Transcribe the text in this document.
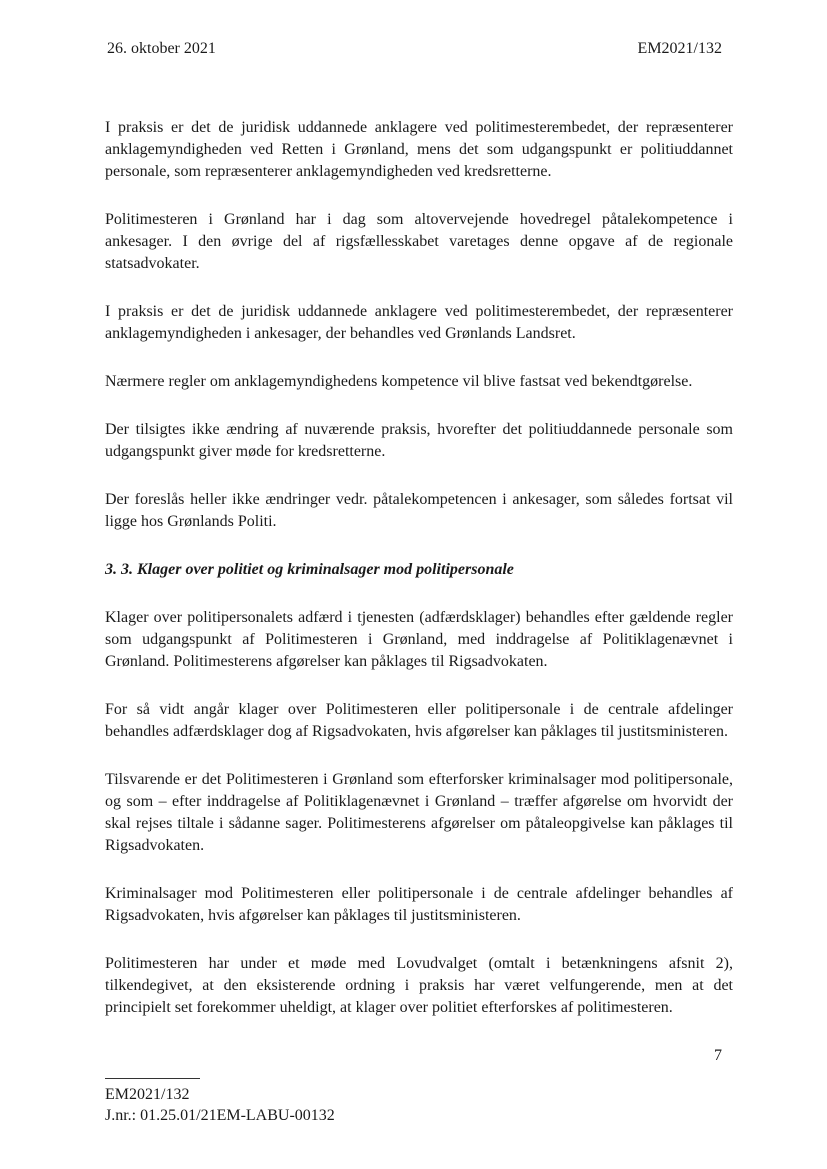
26. oktober 2021	EM2021/132

I praksis er det de juridisk uddannede anklagere ved politimesterembedet, der repræsenterer anklagemyndigheden ved Retten i Grønland, mens det som udgangspunkt er politiuddannet personale, som repræsenterer anklagemyndigheden ved kredsretterne.

Politimesteren i Grønland har i dag som altovervejende hovedregel påtalekompetence i ankesager. I den øvrige del af rigsfællesskabet varetages denne opgave af de regionale statsadvokater.

I praksis er det de juridisk uddannede anklagere ved politimesterembedet, der repræsenterer anklagemyndigheden i ankesager, der behandles ved Grønlands Landsret.

Nærmere regler om anklagemyndighedens kompetence vil blive fastsat ved bekendtgørelse.

Der tilsigtes ikke ændring af nuværende praksis, hvorefter det politiuddannede personale som udgangspunkt giver møde for kredsretterne.

Der foreslås heller ikke ændringer vedr. påtalekompetencen i ankesager, som således fortsat vil ligge hos Grønlands Politi.

3. 3. Klager over politiet og kriminalsager mod politipersonale

Klager over politipersonalets adfærd i tjenesten (adfærdsklager) behandles efter gældende regler som udgangspunkt af Politimesteren i Grønland, med inddragelse af Politiklagenævnet i Grønland. Politimesterens afgørelser kan påklages til Rigsadvokaten.

For så vidt angår klager over Politimesteren eller politipersonale i de centrale afdelinger behandles adfærdsklager dog af Rigsadvokaten, hvis afgørelser kan påklages til justitsministeren.

Tilsvarende er det Politimesteren i Grønland som efterforsker kriminalsager mod politipersonale, og som – efter inddragelse af Politiklagenævnet i Grønland – træffer afgørelse om hvorvidt der skal rejses tiltale i sådanne sager. Politimesterens afgørelser om påtaleopgivelse kan påklages til Rigsadvokaten.

Kriminalsager mod Politimesteren eller politipersonale i de centrale afdelinger behandles af Rigsadvokaten, hvis afgørelser kan påklages til justitsministeren.

Politimesteren har under et møde med Lovudvalget (omtalt i betænkningens afsnit 2), tilkendegivet, at den eksisterende ordning i praksis har været velfungerende, men at det principielt set forekommer uheldigt, at klager over politiet efterforskes af politimesteren.

7
EM2021/132
J.nr.: 01.25.01/21EM-LABU-00132
